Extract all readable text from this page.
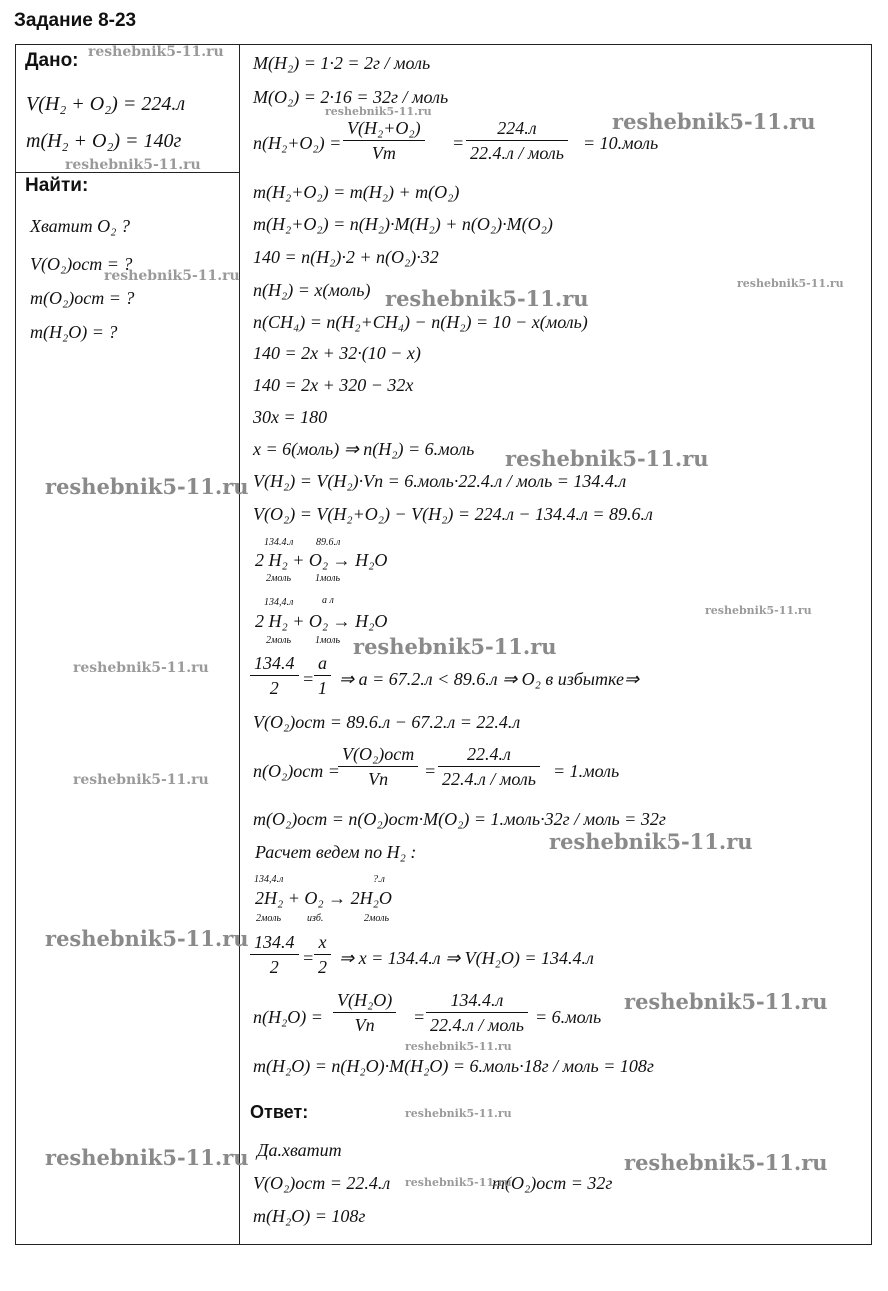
Задание 8-23
Дано:
V(H₂ + O₂) = 224.л
m(H₂ + O₂) = 140г
Найти:
Хватит O₂ ?
V(O₂)ост = ?
m(O₂)ост = ?
m(H₂O) = ?
M(H₂) = 1·2 = 2г / моль
M(O₂) = 2·16 = 32г / моль
$n(H_2+O_2) = \frac{\text{V(H₂+O₂)}}{Vm}$ =
224.л
22.4.л / моль = 10.моль
m(H₂+O₂) = m(H₂) + m(O₂)
m(H₂+O₂) = n(H₂)·M(H₂) + n(O₂)·M(O₂)
140 = n(H₂)·2 + n(O₂)·32
n(H₂) = x(моль)
n(CH₄) = n(H₂+CH₄) − n(H₂) = 10 − x(моль)
140 = 2x + 32·(10 − x)
140 = 2x + 320 − 32x
30x = 180
x = 6(моль) ⇒ n(H₂) = 6.моль
V(H₂) = V(H₂)·Vn = 6.моль·22.4.л / моль = 134.4.л
V(O₂) = V(H₂+O₂) − V(H₂) = 224.л − 134.4.л = 89.6.л
134.4.л 89.6.л
2 H₂ + O₂ → H₂O
2моль 1моль
134,4.л	a л
2 H₂ + O₂ → H₂O
2моль 1моль
$\frac{134.4}{2} = \frac{a}{1}$ ⇒ a = 67.2.л < 89.6.л ⇒ O₂ в избытке⇒
V(O₂)ост = 89.6.л − 67.2.л = 22.4.л
n(O₂)ост =
V(O₂)ост
Vn	=
22.4.л
22.4.л / моль = 1.моль
m(O₂)ост = n(O₂)ост·M(O₂) = 1.моль·32г / моль = 32г
Расчет ведем по H₂ :
134,4.л	?.л
2H₂ + O₂ → 2H₂O
2моль	изб.	2моль
$\frac{134.4}{2} = \frac{x}{2}$ ⇒ x = 134.4.л ⇒ V(H₂O) = 134.4.л
$n(H_2O) = \frac{\text{V(H₂O)}}{Vn}$ =
134.4.л
22.4.л / моль = 6.моль
m(H₂O) = n(H₂O)·M(H₂O) = 6.моль·18г / моль = 108г
Ответ:
Да.хватит
V(O₂)ост = 22.4.л	m(O₂)ост = 32г
m(H₂O) = 108г
reshebnik5-11.ru
reshebnik5-11.ru	reshebnik5-11.ru
reshebnik5-11.ru
reshebnik5-11.ru	reshebnik5-11.ru
reshebnik5-11.ru
reshebnik5-11.ru
reshebnik5-11.ru
reshebnik5-11.ru
reshebnik5-11.ru
reshebnik5-11.ru
reshebnik5-11.ru
reshebnik5-11.ru
reshebnik5-11.ru
reshebnik5-11.ru
reshebnik5-11.ru
reshebnik5-11.ru
reshebnik5-11.ru	reshebnik5-11.ru
reshebnik5-11.ru
